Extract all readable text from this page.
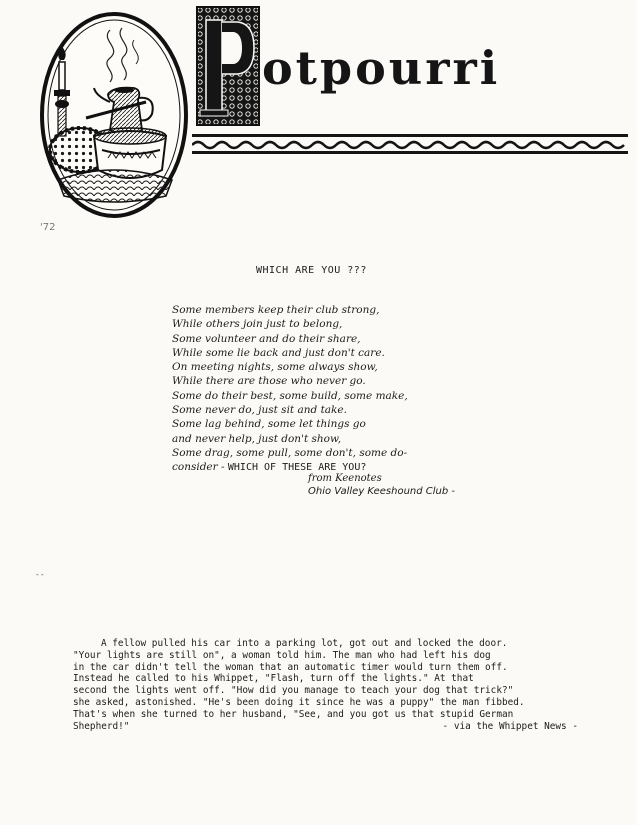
otpourri
'72
WHICH ARE YOU ???
Some members keep their club strong,
While others join just to belong,
Some volunteer and do their share,
While some lie back and just don't care.
On meeting nights, some always show,
While there are those who never go.
Some do their best, some build, some make,
Some never do, just sit and take.
Some lag behind, some let things go
and never help, just don't show,
Some drag, some pull, some don't, some do-
consider - WHICH OF THESE ARE YOU?
from Keenotes
Ohio Valley Keeshound Club -
--
A fellow pulled his car into a parking lot, got out and locked the door.
"Your lights are still on", a woman told him. The man who had left his dog
in the car didn't tell the woman that an automatic timer would turn them off.
Instead he called to his Whippet, "Flash, turn off the lights." At that
second the lights went off. "How did you manage to teach your dog that trick?"
she asked, astonished. "He's been doing it since he was a puppy" the man fibbed.
That's when she turned to her husband, "See, and you got us that stupid German
Shepherd!"	- via the Whippet News -
